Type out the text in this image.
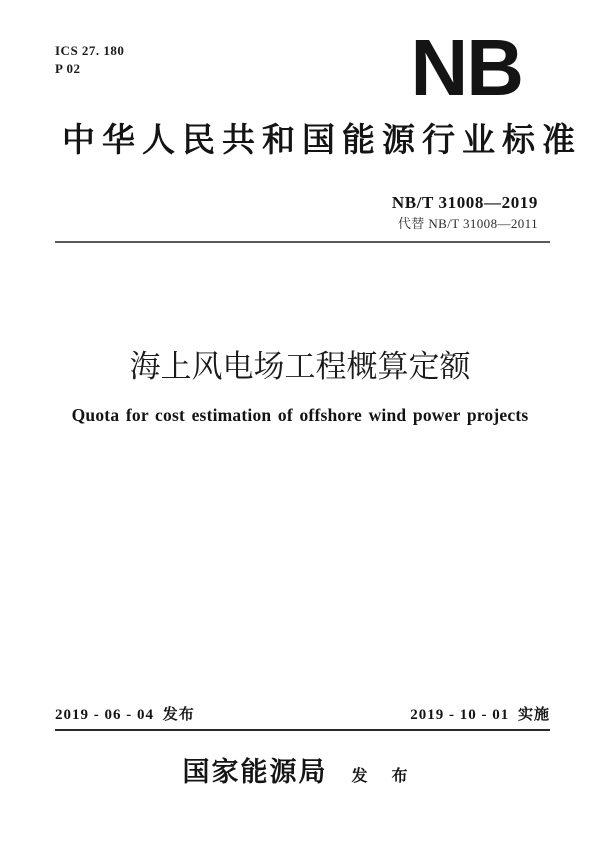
ICS 27. 180
P 02	NB
中华人民共和国能源行业标准
NB/T 31008—2019
代替 NB/T 31008—2011
海上风电场工程概算定额
Quota for cost estimation of offshore wind power projects
2019 - 06 - 04 发布	2019 - 10 - 01 实施
国家能源局 发 布
